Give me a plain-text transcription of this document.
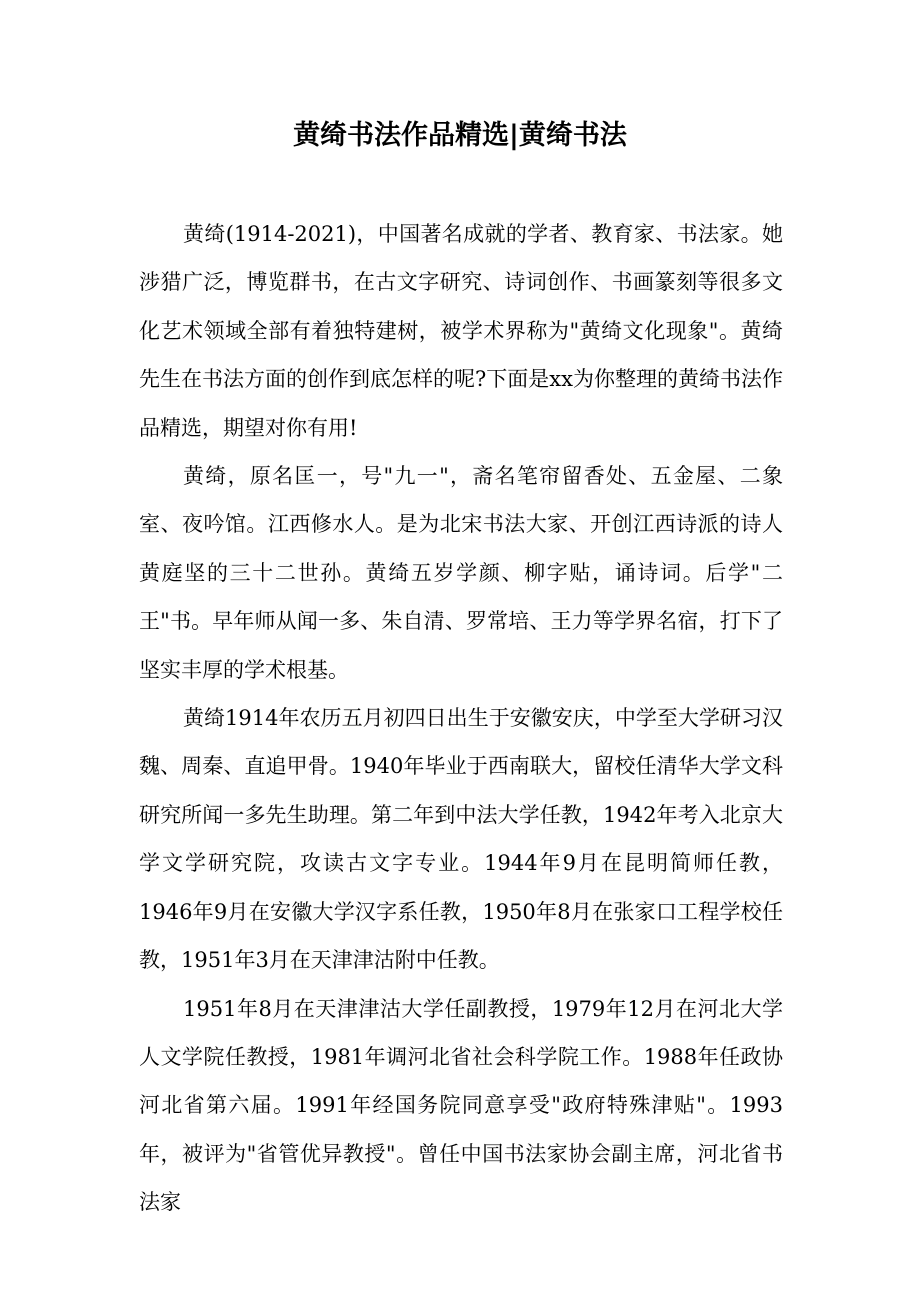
黄绮书法作品精选|黄绮书法

黄绮(1914-2021)，中国著名成就的学者、教育家、书法家。她涉猎广泛，博览群书，在古文字研究、诗词创作、书画篆刻等很多文化艺术领域全部有着独特建树，被学术界称为"黄绮文化现象"。黄绮先生在书法方面的创作到底怎样的呢?下面是xx为你整理的黄绮书法作品精选，期望对你有用!

黄绮，原名匡一，号"九一"，斋名笔帘留香处、五金屋、二象室、夜吟馆。江西修水人。是为北宋书法大家、开创江西诗派的诗人黄庭坚的三十二世孙。黄绮五岁学颜、柳字贴，诵诗词。后学"二王"书。早年师从闻一多、朱自清、罗常培、王力等学界名宿，打下了坚实丰厚的学术根基。

黄绮1914年农历五月初四日出生于安徽安庆，中学至大学研习汉魏、周秦、直追甲骨。1940年毕业于西南联大，留校任清华大学文科研究所闻一多先生助理。第二年到中法大学任教，1942年考入北京大学文学研究院，攻读古文字专业。1944年9月在昆明简师任教，1946年9月在安徽大学汉字系任教，1950年8月在张家口工程学校任教，1951年3月在天津津沽附中任教。

1951年8月在天津津沽大学任副教授，1979年12月在河北大学人文学院任教授，1981年调河北省社会科学院工作。1988年任政协河北省第六届。1991年经国务院同意享受"政府特殊津贴"。1993年，被评为"省管优异教授"。曾任中国书法家协会副主席，河北省书法家
